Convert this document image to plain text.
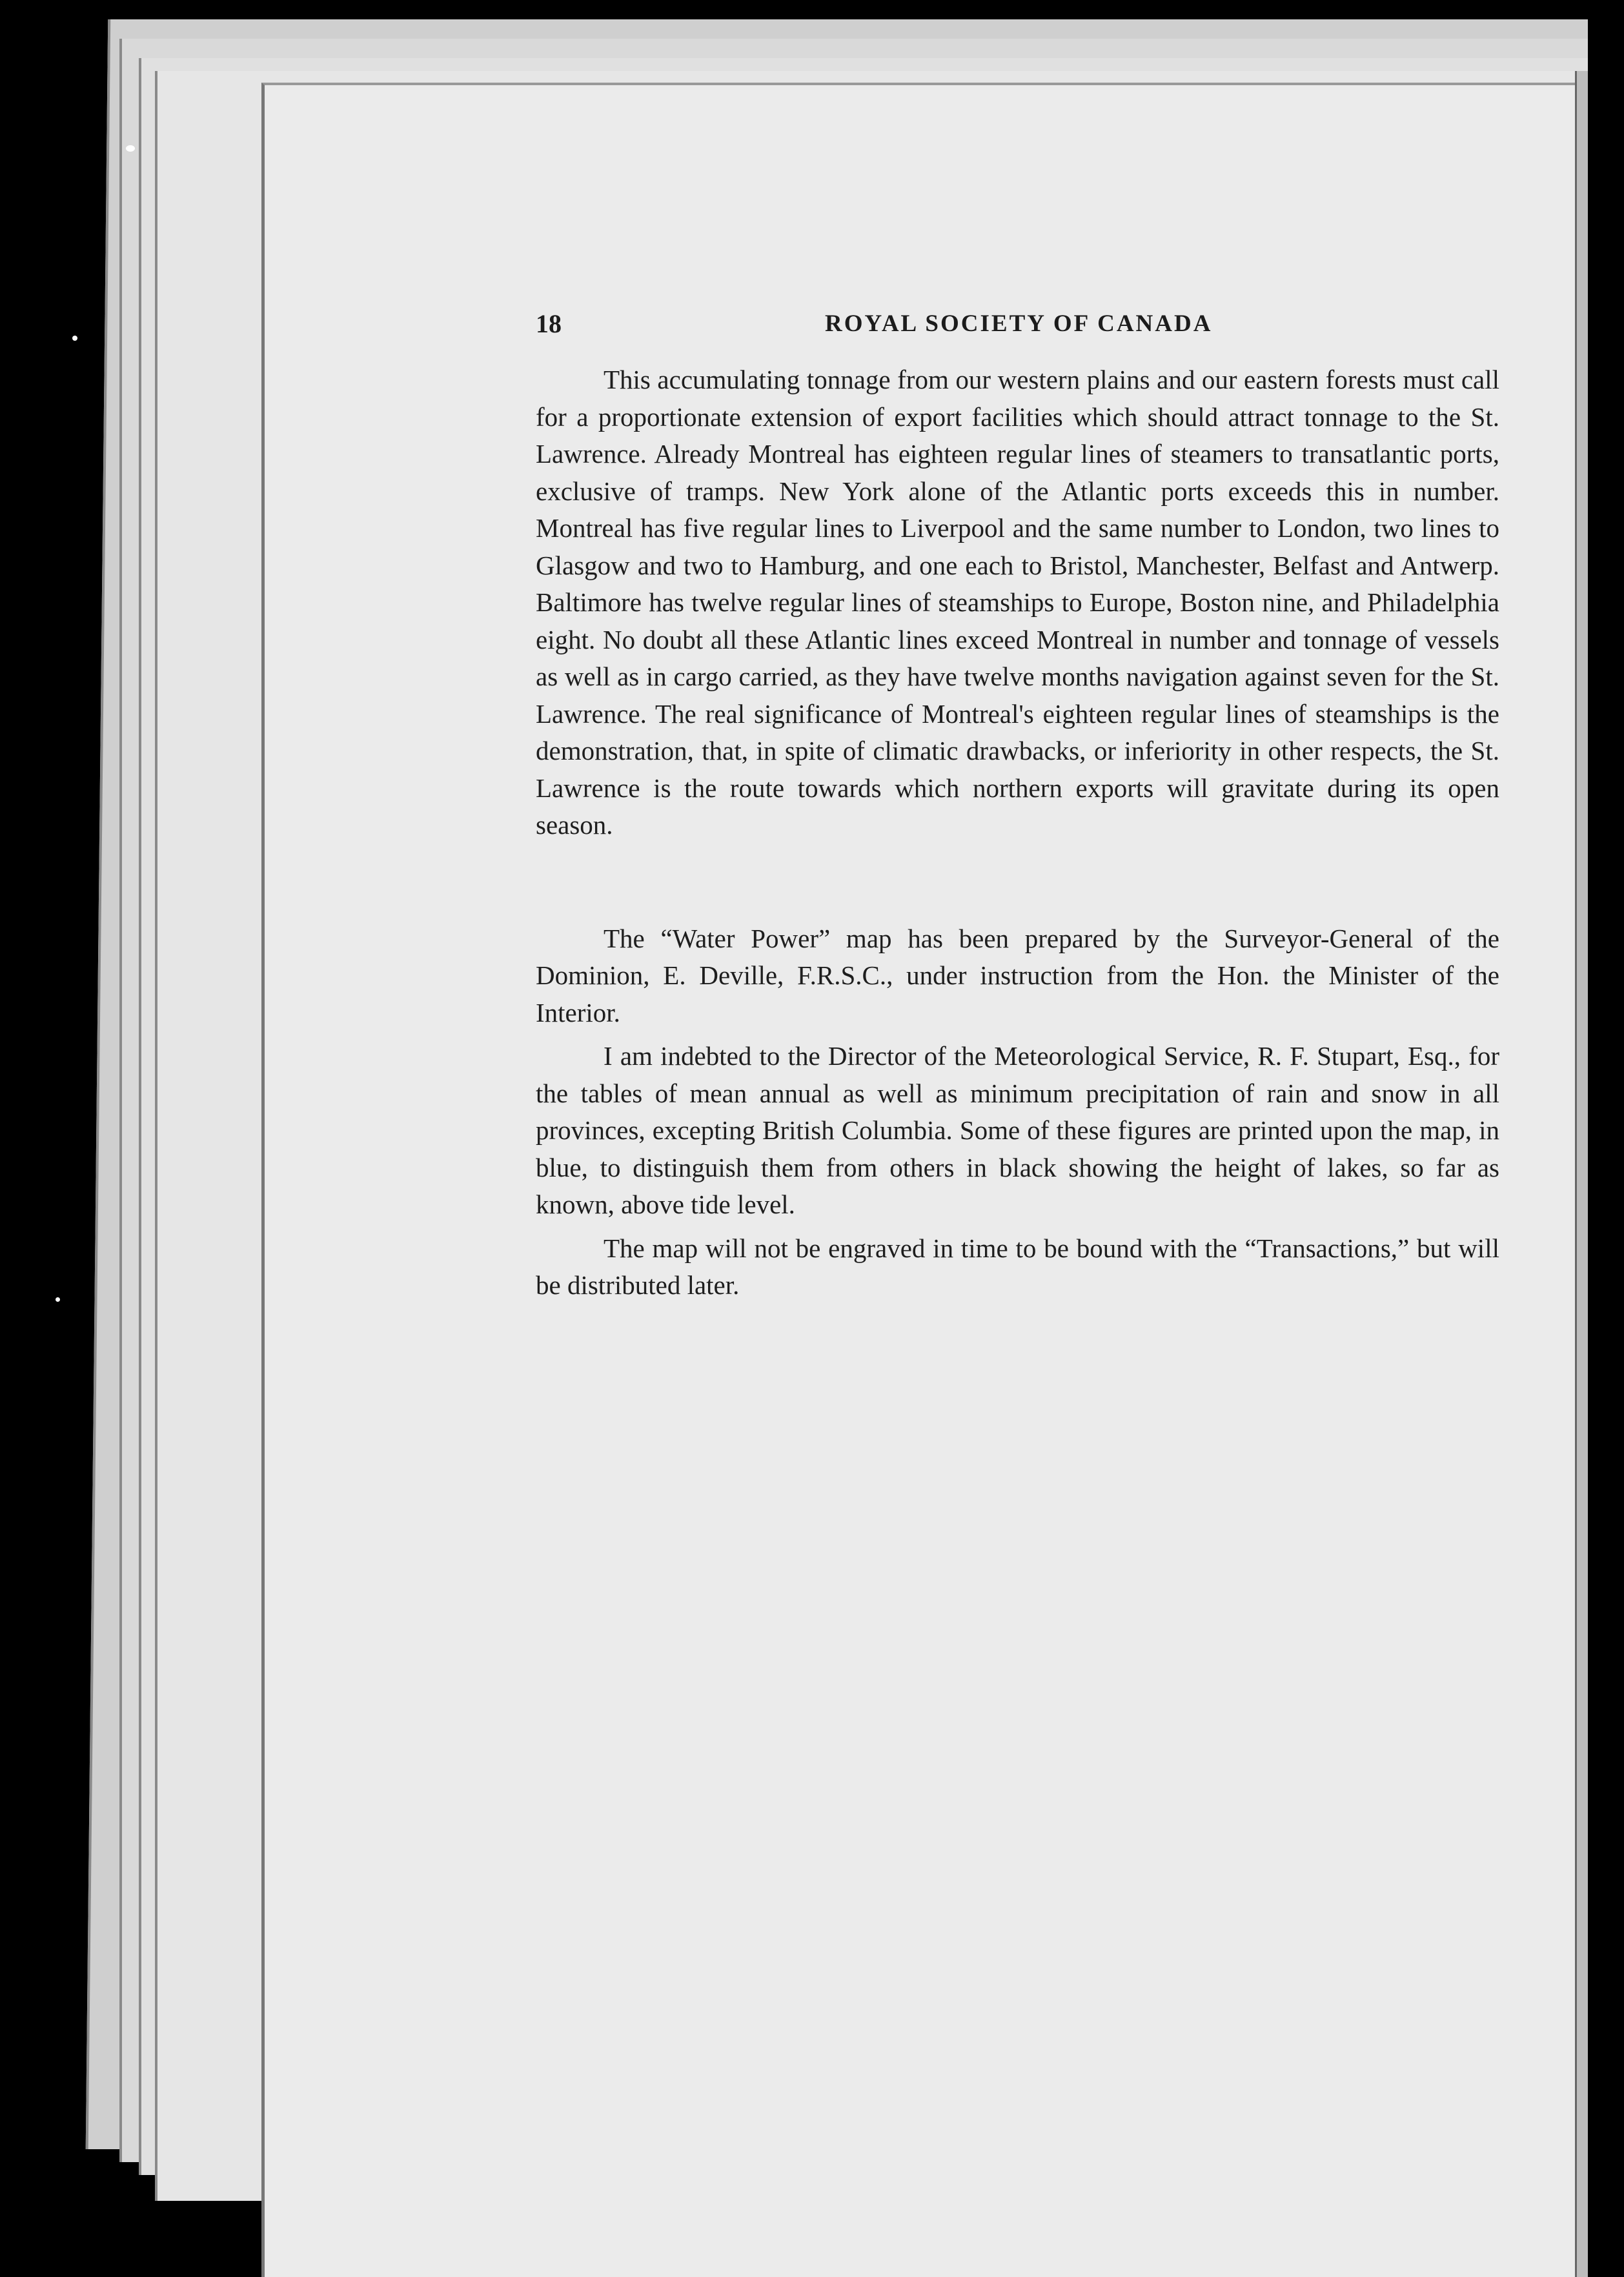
18	ROYAL SOCIETY OF CANADA

This accumulating tonnage from our western plains and our eastern forests must call for a proportionate extension of export facilities which should attract tonnage to the St. Lawrence. Already Montreal has eighteen regular lines of steamers to transatlantic ports, exclusive of tramps. New York alone of the Atlantic ports exceeds this in number. Montreal has five regular lines to Liverpool and the same number to London, two lines to Glasgow and two to Hamburg, and one each to Bristol, Manchester, Belfast and Antwerp. Baltimore has twelve regular lines of steamships to Europe, Boston nine, and Philadelphia eight. No doubt all these Atlantic lines exceed Montreal in number and tonnage of vessels as well as in cargo carried, as they have twelve months navigation against seven for the St. Lawrence. The real significance of Montreal's eighteen regular lines of steamships is the demonstration, that, in spite of climatic drawbacks, or inferiority in other respects, the St. Lawrence is the route towards which northern exports will gravitate during its open season.

The “Water Power” map has been prepared by the Surveyor-General of the Dominion, E. Deville, F.R.S.C., under instruction from the Hon. the Minister of the Interior.

I am indebted to the Director of the Meteorological Service, R. F. Stupart, Esq., for the tables of mean annual as well as minimum precipitation of rain and snow in all provinces, excepting British Columbia. Some of these figures are printed upon the map, in blue, to distinguish them from others in black showing the height of lakes, so far as known, above tide level.

The map will not be engraved in time to be bound with the “Transactions,” but will be distributed later.
